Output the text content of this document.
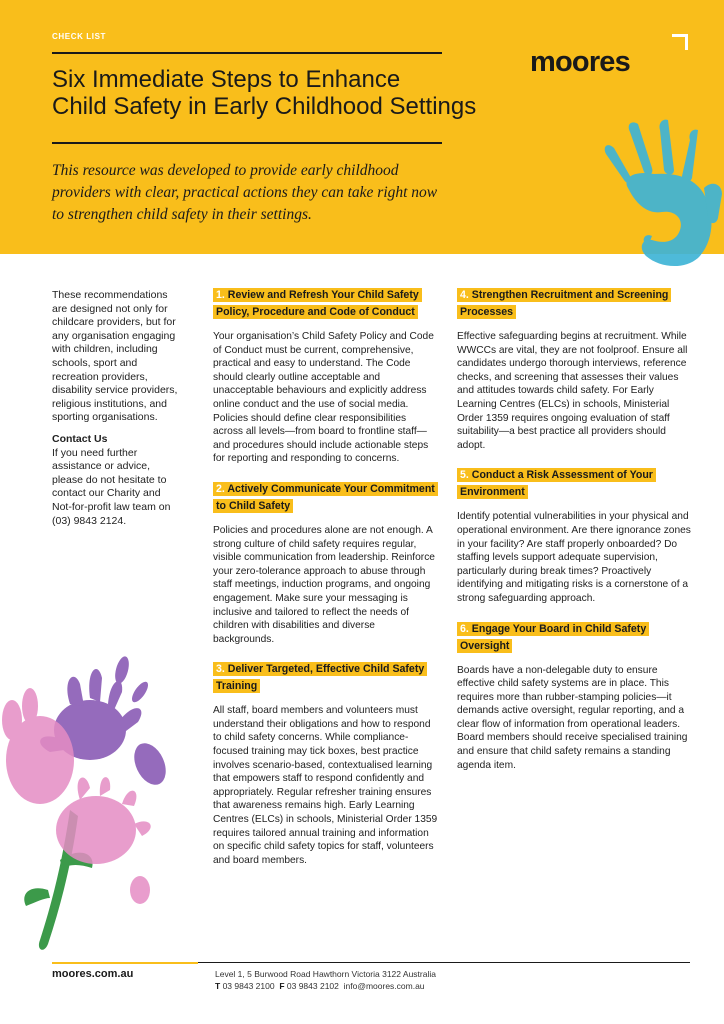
CHECK LIST
Six Immediate Steps to Enhance
Child Safety in Early Childhood Settings
This resource was developed to provide early childhood providers with clear, practical actions they can take right now to strengthen child safety in their settings.
moores
These recommendations are designed not only for childcare providers, but for any organisation engaging with children, including schools, sport and recreation providers, disability service providers, religious institutions, and sporting organisations.
Contact Us
If you need further assistance or advice, please do not hesitate to contact our Charity and Not-for-profit law team on (03) 9843 2124.
1. Review and Refresh Your Child Safety Policy, Procedure and Code of Conduct
Your organisation’s Child Safety Policy and Code of Conduct must be current, comprehensive, practical and easy to understand. The Code should clearly outline acceptable and unacceptable behaviours and explicitly address online conduct and the use of social media. Policies should define clear responsibilities across all levels—from board to frontline staff—and procedures should include actionable steps for reporting and responding to concerns.
2. Actively Communicate Your Commitment to Child Safety
Policies and procedures alone are not enough. A strong culture of child safety requires regular, visible communication from leadership. Reinforce your zero-tolerance approach to abuse through staff meetings, induction programs, and ongoing engagement. Make sure your messaging is inclusive and tailored to reflect the needs of children with disabilities and diverse backgrounds.
3. Deliver Targeted, Effective Child Safety Training
All staff, board members and volunteers must understand their obligations and how to respond to child safety concerns. While compliance-focused training may tick boxes, best practice involves scenario-based, contextualised learning that empowers staff to respond confidently and appropriately. Regular refresher training ensures that awareness remains high. Early Learning Centres (ELCs) in schools, Ministerial Order 1359 requires tailored annual training and information on specific child safety topics for staff, volunteers and board members.
4. Strengthen Recruitment and Screening Processes
Effective safeguarding begins at recruitment. While WWCCs are vital, they are not foolproof. Ensure all candidates undergo thorough interviews, reference checks, and screening that assesses their values and attitudes towards child safety. For Early Learning Centres (ELCs) in schools, Ministerial Order 1359 requires ongoing evaluation of staff suitability—a best practice all providers should adopt.
5. Conduct a Risk Assessment of Your Environment
Identify potential vulnerabilities in your physical and operational environment. Are there ignorance zones in your facility? Are staff properly onboarded? Do staffing levels support adequate supervision, particularly during break times? Proactively identifying and mitigating risks is a cornerstone of a strong safeguarding approach.
6. Engage Your Board in Child Safety Oversight
Boards have a non-delegable duty to ensure effective child safety systems are in place. This requires more than rubber-stamping policies—it demands active oversight, regular reporting, and a clear flow of information from operational leaders. Board members should receive specialised training and ensure that child safety remains a standing agenda item.
moores.com.au	Level 1, 5 Burwood Road Hawthorn Victoria 3122 Australia
T 03 9843 2100 F 03 9843 2102 info@moores.com.au
